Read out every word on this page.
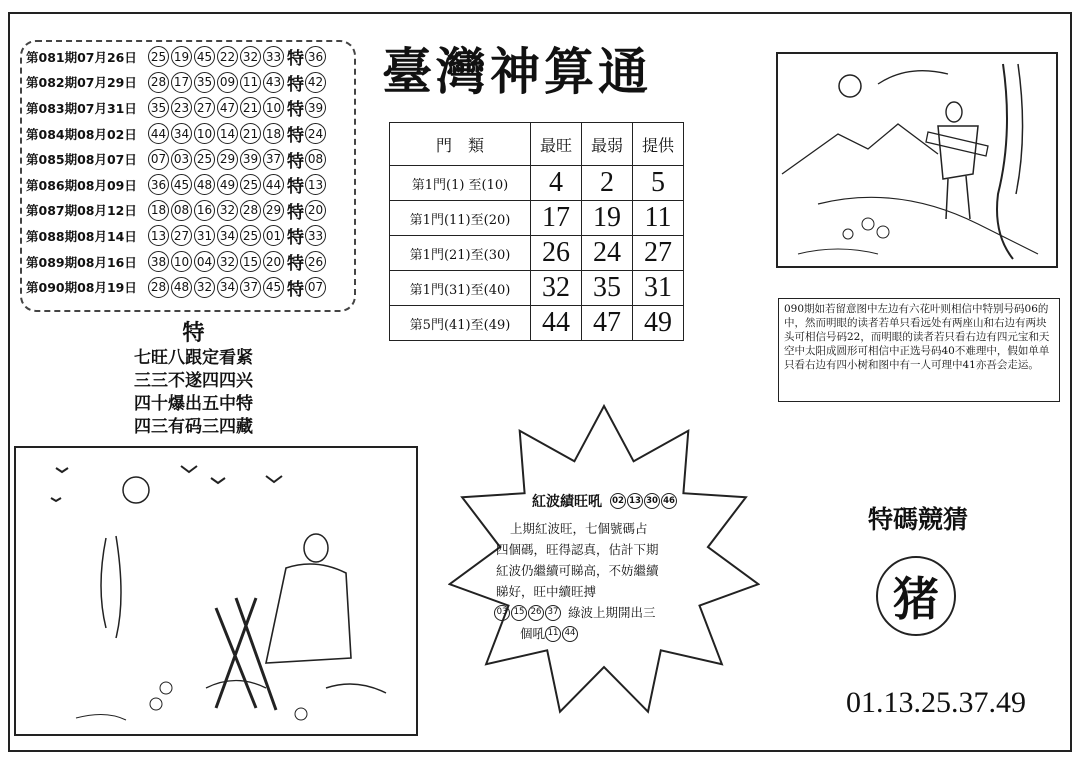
第081期07月26日	25 19 45 22 32 33 特 36
第082期07月29日	28 17 35 09 11 43 特 42
第083期07月31日	35 23 27 47 21 10 特 39
第084期08月02日	44 34 10 14 21 18 特 24
第085期08月07日	07 03 25 29 39 37 特 08
第086期08月09日	36 45 48 49 25 44 特 13
第087期08月12日	18 08 16 32 28 29 特 20
第088期08月14日	13 27 31 34 25 01 特 33
第089期08月16日	38 10 04 32 15 20 特 26
第090期08月19日	28 48 32 34 37 45 特 07
臺灣神算通
門　類	最旺	最弱	提供
第1門(1) 至(10)	4	2	5
第1門(11)至(20)	17	19	11
第1門(21)至(30)	26	24	27
第1門(31)至(40)	32	35	31
第5門(41)至(49)	44	47	49
特
七旺八跟定看紧
三三不遂四四兴
四十爆出五中特
四三有码三四藏
090期如若留意图中左边有六花叶则相信中特别号码06的中，然而明眼的读者若单只看远处有两座山和右边有两块头可相信号码22，而明眼的读者若只看右边有四元宝和天空中太阳成圆形可相信中正选号码40不难理中，假如单单只看右边有四小树和图中有一人可理中41亦吾会走运。
紅波績旺吼 02 13 30 46
上期紅波旺，七個號碼占
四個碼，旺得認真，估計下期
紅波仍繼續可睇高，不妨繼續
睇好，旺中續旺搏
03 15 26 37 綠波上期開出三
個吼 11 44
特碼競猜
猪
01.13.25.37.49
